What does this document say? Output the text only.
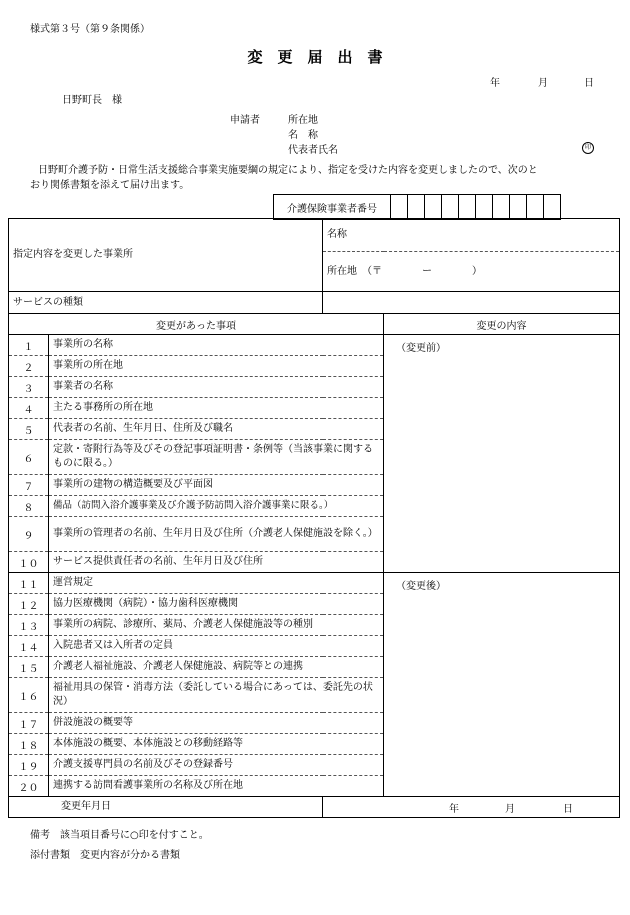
様式第３号（第９条関係）
変　更　届　出　書
年	月	日
日野町長　様
申請者	所在地
名　称
代表者氏名	印
日野町介護予防・日常生活支援総合事業実施要綱の規定により、指定を受けた内容を変更しましたので、次のと
おり関係書類を添えて届け出ます。
介護保険事業者番号										
指定内容を変更した事業所		名称	
		所在地　（〒　　　　ー　　　　）	
サービスの種類			
変更があった事項			変更の内容
１	事業所の名称		（変更前）
２	事業所の所在地		
３	事業者の名称		
４	主たる事務所の所在地		
５	代表者の名前、生年月日、住所及び職名		
６	定款・寄附行為等及びその登記事項証明書・条例等（当該事業に関するものに限る。）		
７	事業所の建物の構造概要及び平面図		
８	備品（訪問入浴介護事業及び介護予防訪問入浴介護事業に限る。）		
９	事業所の管理者の名前、生年月日及び住所（介護老人保健施設を除く。）		
１０	サービス提供責任者の名前、生年月日及び住所		
１１	運営規定		（変更後）
１２	協力医療機関（病院）・協力歯科医療機関		
１３	事業所の病院、診療所、薬局、介護老人保健施設等の種別		
１４	入院患者又は入所者の定員		
１５	介護老人福祉施設、介護老人保健施設、病院等との連携		
１６	福祉用具の保管・消毒方法（委託している場合にあっては、委託先の状況）		
１７	併設施設の概要等		
１８	本体施設の概要、本体施設との移動経路等		
１９	介護支援専門員の名前及びその登録番号		
２０	連携する訪問看護事業所の名称及び所在地		
変更年月日		年 月 日	
備考　該当項目番号に○印を付すこと。
添付書類　変更内容が分かる書類
